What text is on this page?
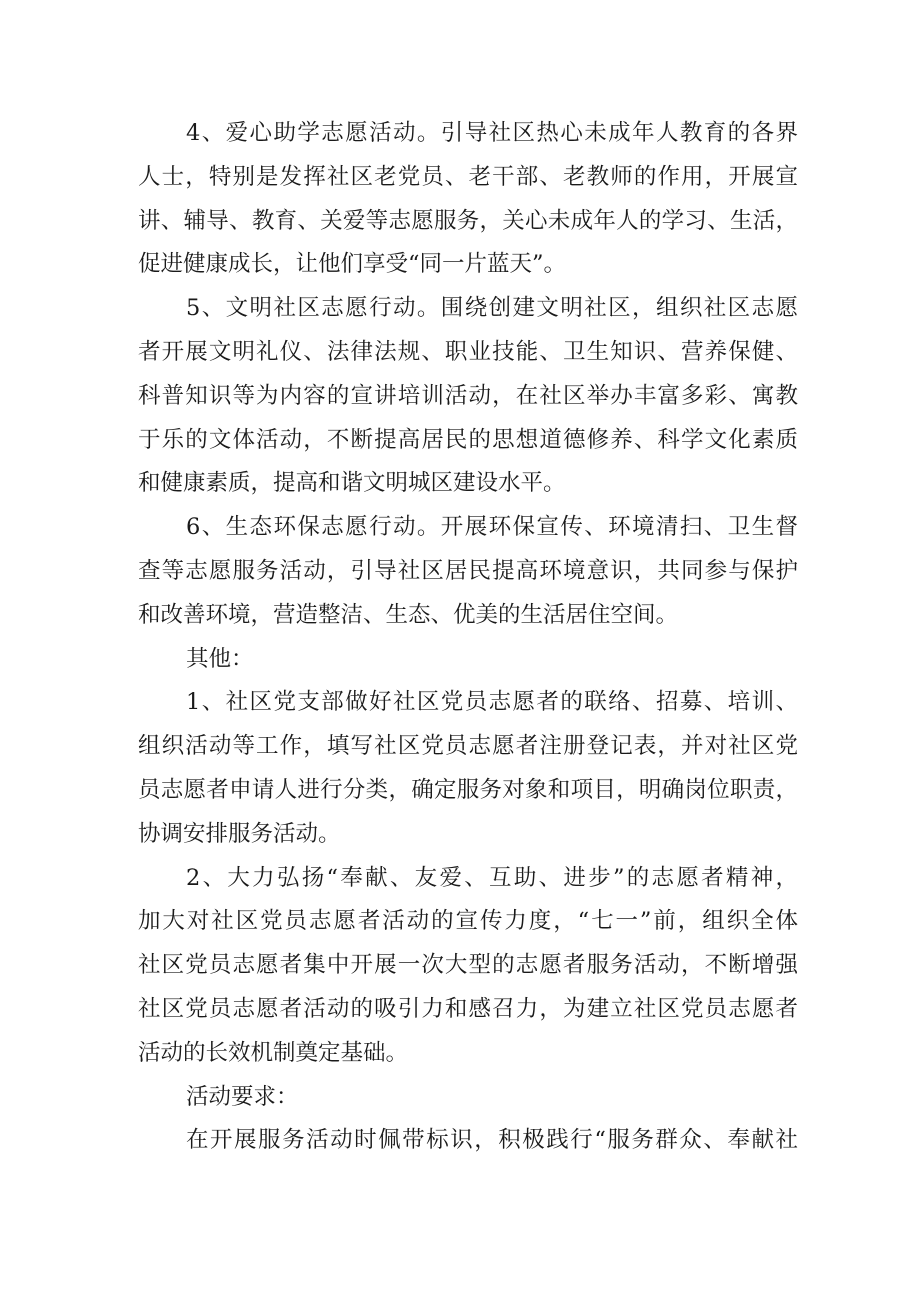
4、爱心助学志愿活动。引导社区热心未成年人教育的各界
人士，特别是发挥社区老党员、老干部、老教师的作用，开展宣
讲、辅导、教育、关爱等志愿服务，关心未成年人的学习、生活，
促进健康成长，让他们享受“同一片蓝天”。
5、文明社区志愿行动。围绕创建文明社区，组织社区志愿
者开展文明礼仪、法律法规、职业技能、卫生知识、营养保健、
科普知识等为内容的宣讲培训活动，在社区举办丰富多彩、寓教
于乐的文体活动，不断提高居民的思想道德修养、科学文化素质
和健康素质，提高和谐文明城区建设水平。
6、生态环保志愿行动。开展环保宣传、环境清扫、卫生督
查等志愿服务活动，引导社区居民提高环境意识，共同参与保护
和改善环境，营造整洁、生态、优美的生活居住空间。
其他：
1、社区党支部做好社区党员志愿者的联络、招募、培训、
组织活动等工作，填写社区党员志愿者注册登记表，并对社区党
员志愿者申请人进行分类，确定服务对象和项目，明确岗位职责，
协调安排服务活动。
2、大力弘扬“奉献、友爱、互助、进步”的志愿者精神，
加大对社区党员志愿者活动的宣传力度，“七一”前，组织全体
社区党员志愿者集中开展一次大型的志愿者服务活动，不断增强
社区党员志愿者活动的吸引力和感召力，为建立社区党员志愿者
活动的长效机制奠定基础。
活动要求：
在开展服务活动时佩带标识，积极践行“服务群众、奉献社
